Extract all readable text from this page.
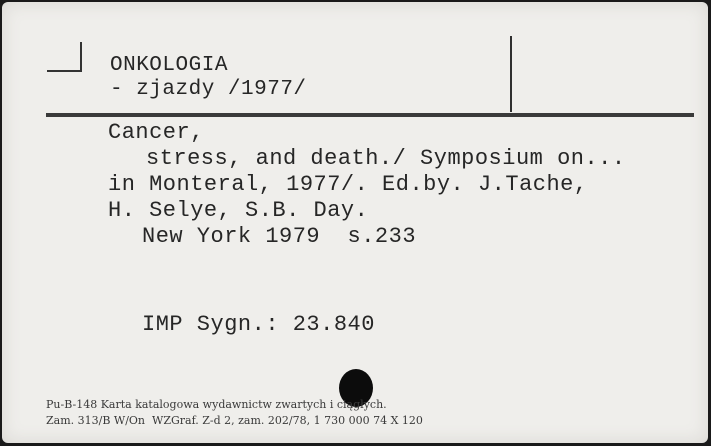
ONKOLOGIA
- zjazdy /1977/
Cancer,
stress, and death./ Symposium on...
in Monteral, 1977/. Ed.by. J.Tache,
H. Selye, S.B. Day.
New York 1979  s.233
IMP Sygn.: 23.840
Pu-B-148 Karta katalogowa wydawnictw zwartych i ciągłych.
Zam. 313/B W/On  WZGraf. Z-d 2, zam. 202/78, 1 730 000 74 X 120
